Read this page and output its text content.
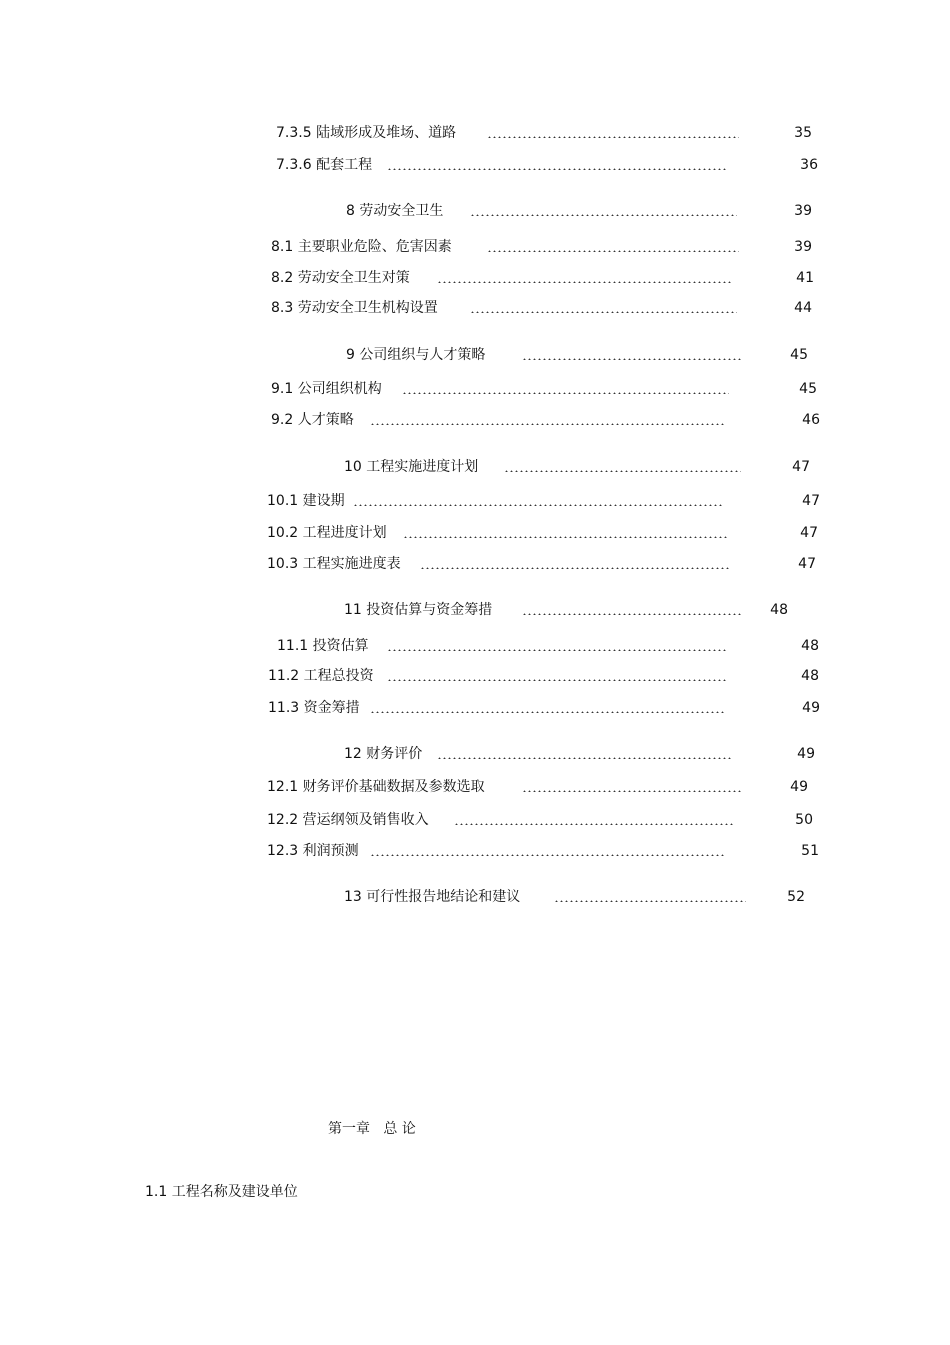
7.3.5 陆域形成及堆场、道路	35
7.3.6 配套工程	36
8 劳动安全卫生	39
8.1 主要职业危险、危害因素	39
8.2 劳动安全卫生对策	41
8.3 劳动安全卫生机构设置	44
9 公司组织与人才策略	45
9.1 公司组织机构	45
9.2 人才策略	46
10 工程实施进度计划	47
10.1 建设期	47
10.2 工程进度计划	47
10.3 工程实施进度表	47
11 投资估算与资金筹措	48
11.1 投资估算	48
11.2 工程总投资	48
11.3 资金筹措	49
12 财务评价	49
12.1 财务评价基础数据及参数选取	49
12.2 营运纲领及销售收入	50
12.3 利润预测	51
13 可行性报告地结论和建议	52
第一章   总 论
1.1 工程名称及建设单位
